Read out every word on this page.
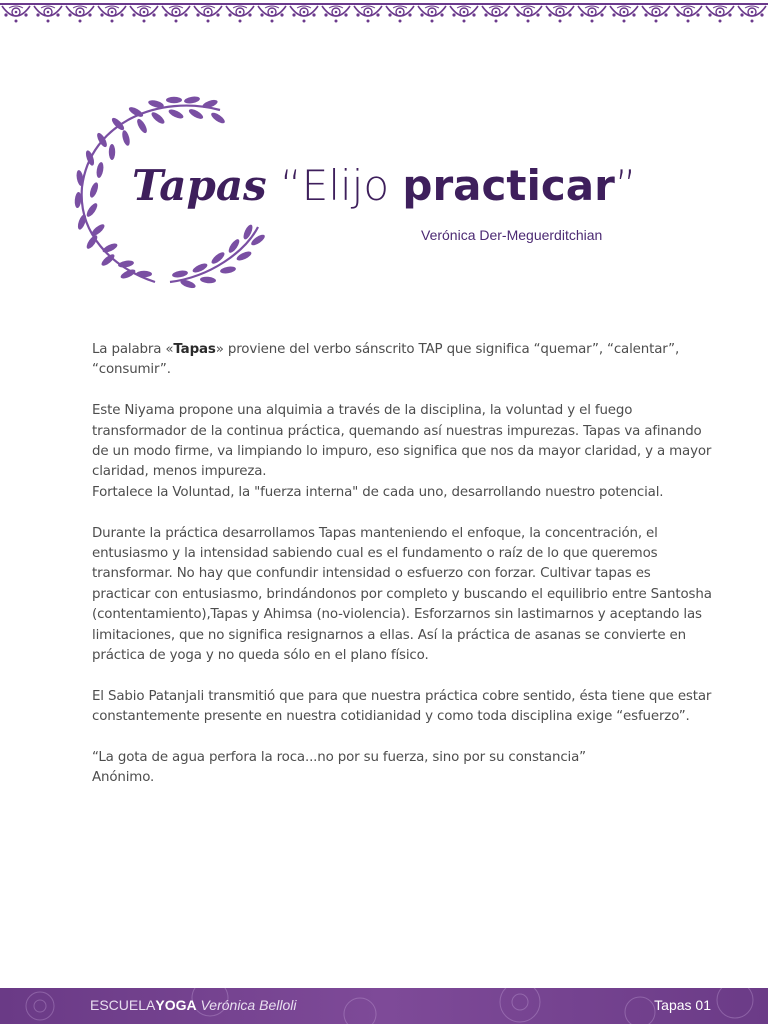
Tapas “Elijo practicar”
Verónica Der-Meguerditchian

La palabra «Tapas» proviene del verbo sánscrito TAP que significa “quemar”, “calentar”, “consumir”.

Este Niyama propone una alquimia a través de la disciplina, la voluntad y el fuego transformador de la continua práctica, quemando así nuestras impurezas. Tapas va afinando de un modo firme, va limpiando lo impuro, eso significa que nos da mayor claridad, y a mayor claridad, menos impureza.

Fortalece la Voluntad, la "fuerza interna" de cada uno, desarrollando nuestro potencial.

Durante la práctica desarrollamos Tapas manteniendo el enfoque, la concentración, el entusiasmo y la intensidad sabiendo cual es el fundamento o raíz de lo que queremos transformar. No hay que confundir intensidad o esfuerzo con forzar. Cultivar tapas es practicar con entusiasmo, brindándonos por completo y buscando el equilibrio entre Santosha (contentamiento),Tapas y Ahimsa (no-violencia). Esforzarnos sin lastimarnos y aceptando las limitaciones, que no significa resignarnos a ellas. Así la práctica de asanas se convierte en práctica de yoga y no queda sólo en el plano físico.

El Sabio Patanjali transmitió que para que nuestra práctica cobre sentido, ésta tiene que estar constantemente presente en nuestra cotidianidad y como toda disciplina exige “esfuerzo”.

“La gota de agua perfora la roca...no por su fuerza, sino por su constancia”

Anónimo.

ESCUELAYOGA Verónica Belloli	Tapas 01
